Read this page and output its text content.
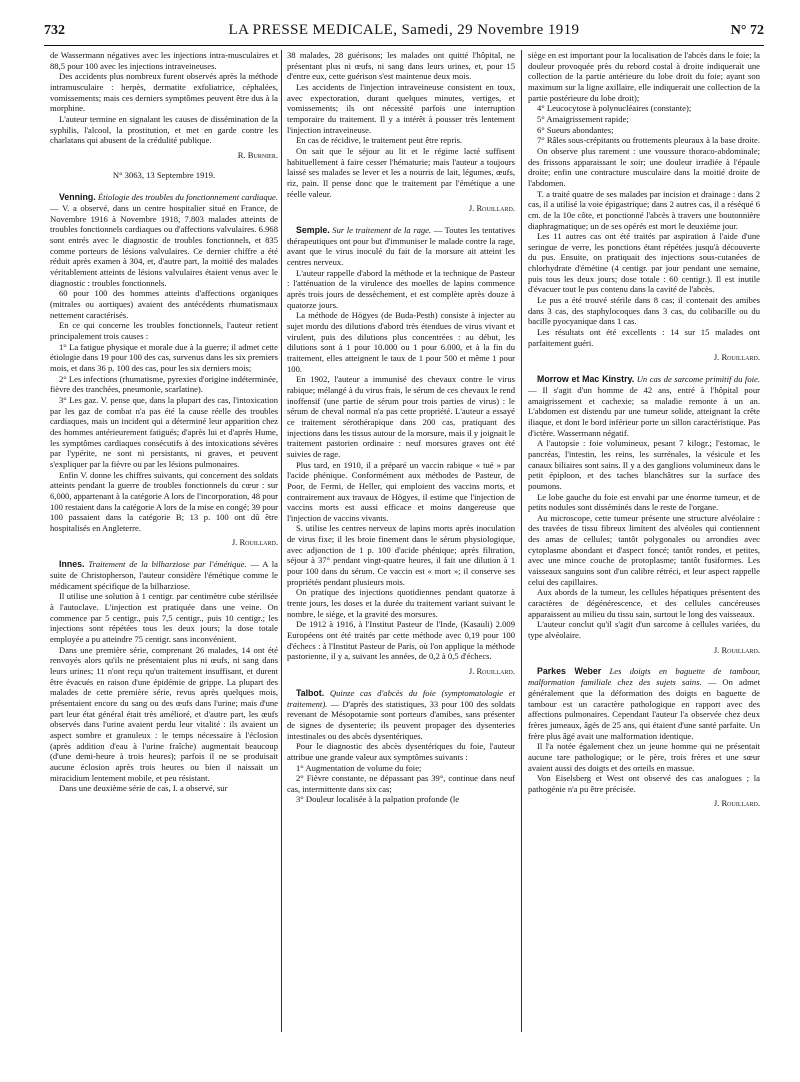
732	LA PRESSE MEDICALE, Samedi, 29 Novembre 1919	N° 72

de Wassermann négatives avec les injections intra-musculaires et 88,5 pour 100 avec les injections intraveineuses.

Des accidents plus nombreux furent observés après la méthode intramusculaire : herpès, dermatite exfoliatrice, céphalées, vomissements; mais ces derniers symptômes peuvent être dus à la morphine.

L'auteur termine en signalant les causes de dissémination de la syphilis, l'alcool, la prostitution, et met en garde contre les charlatans qui abusent de la crédulité publique.

R. Burnier.
N° 3063, 13 Septembre 1919.

Venning. Étiologie des troubles du fonctionnement cardiaque. — V. a observé, dans un centre hospitalier situé en France, de Novembre 1916 à Novembre 1918, 7.803 malades atteints de troubles fonctionnels cardiaques ou d'affections valvulaires. 6.968 sont entrés avec le diagnostic de troubles fonctionnels, et 835 comme porteurs de lésions valvulaires. Ce dernier chiffre a été réduit après examen à 304, et, d'autre part, la moitié des malades véritablement atteints de lésions valvulaires étaient venus avec le diagnostic : troubles fonctionnels.

60 pour 100 des hommes atteints d'affections organiques (mitrales ou aortiques) avaient des antécédents rhumatismaux nettement caractérisés.

En ce qui concerne les troubles fonctionnels, l'auteur retient principalement trois causes :

1° La fatigue physique et morale due à la guerre; il admet cette étiologie dans 19 pour 100 des cas, survenus dans les six premiers mois, et dans 36 p. 100 des cas, pour les six derniers mois;

2° Les infections (rhumatisme, pyrexies d'origine indéterminée, fièvre des tranchées, pneumonie, scarlatine).

3° Les gaz. V. pense que, dans la plupart des cas, l'intoxication par les gaz de combat n'a pas été la cause réelle des troubles cardiaques, mais un incident qui a déterminé leur apparition chez des hommes antérieurement fatigués; d'après lui et d'après Hume, les symptômes cardiaques consécutifs à des intoxications sévères par l'ypérite, ne sont ni persistants, ni graves, et peuvent s'expliquer par la fièvre ou par les lésions pulmonaires.

Enfin V. donne les chiffres suivants, qui concernent des soldats atteints pendant la guerre de troubles fonctionnels du cœur : sur 6,000, appartenant à la catégorie A lors de l'incorporation, 48 pour 100 restaient dans la catégorie A lors de la mise en congé; 39 pour 100 passaient dans la catégorie B; 13 p. 100 ont dû être hospitalisés en Angleterre.

J. Rouillard.

Innes. Traitement de la bilharziose par l'émétique. — A la suite de Christopherson, l'auteur considère l'émétique comme le médicament spécifique de la bilharziose.

Il utilise une solution à 1 centigr. par centimètre cube stérilisée à l'autoclave. L'injection est pratiquée dans une veine. On commence par 5 centigr., puis 7,5 centigr., puis 10 centigr.; les injections sont répétées tous les deux jours; la dose totale employée a pu atteindre 75 centigr. sans inconvénient.

Dans une première série, comprenant 26 malades, 14 ont été renvoyés alors qu'ils ne présentaient plus ni œufs, ni sang dans leurs urines; 11 n'ont reçu qu'un traitement insuffisant, et durent être évacués en raison d'une épidémie de grippe. La plupart des malades de cette première série, revus après quelques mois, présentaient encore du sang ou des œufs dans l'urine; mais d'une part leur état général était très amélioré, et d'autre part, les œufs observés dans l'urine avaient perdu leur vitalité : ils avaient un aspect sombre et granuleux : le temps nécessaire à l'éclosion (après addition d'eau à l'urine fraîche) augmentait beaucoup (d'une demi-heure à trois heures); parfois il ne se produisait aucune éclosion après trois heures ou bien il naissait un miracidium lentement mobile, et peu résistant.

Dans une deuxième série de cas, I. a observé, sur

38 malades, 28 guérisons; les malades ont quitté l'hôpital, ne présentant plus ni œufs, ni sang dans leurs urines, et, pour 15 d'entre eux, cette guérison s'est maintenue deux mois.

Les accidents de l'injection intraveineuse consistent en toux, avec expectoration, durant quelques minutes, vertiges, et vomissements; ils ont nécessité parfois une interruption temporaire du traitement. Il y a intérêt à pousser très lentement l'injection intraveineuse.

En cas de récidive, le traitement peut être repris.

On sait que le séjour au lit et le régime lacté suffisent habituellement à faire cesser l'hématurie; mais l'auteur a toujours laissé ses malades se lever et les a nourris de lait, légumes, œufs, riz, pain. Il pense donc que le traitement par l'émétique a une réelle valeur.

J. Rouillard.

Semple. Sur le traitement de la rage. — Toutes les tentatives thérapeutiques ont pour but d'immuniser le malade contre la rage, avant que le virus inoculé du fait de la morsure ait atteint les centres nerveux.

L'auteur rappelle d'abord la méthode et la technique de Pasteur : l'atténuation de la virulence des moelles de lapins commence après trois jours de dessèchement, et est complète après douze à quatorze jours.

La méthode de Högyes (de Buda-Pesth) consiste à injecter au sujet mordu des dilutions d'abord très étendues de virus vivant et virulent, puis des dilutions plus concentrées : au début, les dilutions sont à 1 pour 10.000 ou 1 pour 6.000, et à la fin du traitement, elles atteignent le taux de 1 pour 500 et même 1 pour 100.

En 1902, l'auteur a immunisé des chevaux contre le virus rabique; mélangé à du virus frais, le sérum de ces chevaux le rend inoffensif (une partie de sérum pour trois parties de virus) : le sérum de cheval normal n'a pas cette propriété. L'auteur a essayé ce traitement sérothérapique dans 200 cas, pratiquant des injections dans les tissus autour de la morsure, mais il y joignait le traitement pastorien ordinaire : neuf morsures graves ont été suivies de rage.

Plus tard, en 1910, il a préparé un vaccin rabique « tué » par l'acide phénique. Conformément aux méthodes de Pasteur, de Poor, de Fermi, de Heller, qui emploient des vaccins morts, et contrairement aux travaux de Högyes, il estime que l'injection de vaccins morts est aussi efficace et moins dangereuse que l'injection de vaccins vivants.

S. utilise les centres nerveux de lapins morts après inoculation de virus fixe; il les broie finement dans le sérum physiologique, avec adjonction de 1 p. 100 d'acide phénique; après filtration, séjour à 37° pendant vingt-quatre heures, il fait une dilution à 1 pour 100 dans du sérum. Ce vaccin est « mort »; il conserve ses propriétés pendant plusieurs mois.

On pratique des injections quotidiennes pendant quatorze à trente jours, les doses et la durée du traitement variant suivant le nombre, le siège, et la gravité des morsures.

De 1912 à 1916, à l'Institut Pasteur de l'Inde, (Kasauli) 2.009 Européens ont été traités par cette méthode avec 0,19 pour 100 d'échecs : à l'Institut Pasteur de Paris, où l'on applique la méthode pastorienne, il y a, suivant les années, de 0,2 à 0,5 d'échecs.

J. Rouillard.

Talbot. Quinze cas d'abcès du foie (symptomatologie et traitement). — D'après des statistiques, 33 pour 100 des soldats revenant de Mésopotamie sont porteurs d'amibes, sans présenter de signes de dysenterie; ils peuvent propager des dysenteries intestinales ou des abcès dysentériques.

Pour le diagnostic des abcès dysentériques du foie, l'auteur attribue une grande valeur aux symptômes suivants :

1° Augmentation de volume du foie;

2° Fièvre constante, ne dépassant pas 39°, continue dans neuf cas, intermittente dans six cas;

3° Douleur localisée à la palpation profonde (le

siège en est important pour la localisation de l'abcès dans le foie; la douleur provoquée près du rebord costal à droite indiquerait une collection de la partie antérieure du lobe droit du foie; ayant son maximum sur la ligne axillaire, elle indiquerait une collection de la partie postérieure du lobe droit);

4° Leucocytose à polynucléaires (constante);

5° Amaigrissement rapide;

6° Sueurs abondantes;

7° Râles sous-crépitants ou frottements pleuraux à la base droite.

On observe plus rarement : une voussure thoraco-abdominale; des frissons apparaissant le soir; une douleur irradiée à l'épaule droite; enfin une contracture musculaire dans la moitié droite de l'abdomen.

T. a traité quatre de ses malades par incision et drainage : dans 2 cas, il a utilisé la voie épigastrique; dans 2 autres cas, il a réséqué 6 cm. de la 10e côte, et ponctionné l'abcès à travers une boutonnière diaphragmatique; un de ses opérés est mort le deuxième jour.

Les 11 autres cas ont été traités par aspiration à l'aide d'une seringue de verre, les ponctions étant répétées jusqu'à découverte du pus. Ensuite, on pratiquait des injections sous-cutanées de chlorhydrate d'émétine (4 centigr. par jour pendant une semaine, puis tous les deux jours; dose totale : 60 centigr.). Il est inutile d'évacuer tout le pus contenu dans la cavité de l'abcès.

Le pus a été trouvé stérile dans 8 cas; il contenait des amibes dans 3 cas, des staphylocoques dans 3 cas, du colibacille ou du bacille pyocyanique dans 1 cas.

Les résultats ont été excellents : 14 sur 15 malades ont parfaitement guéri.

J. Rouillard.

Morrow et Mac Kinstry. Un cas de sarcome primitif du foie. — Il s'agit d'un homme de 42 ans, entré à l'hôpital pour amaigrissement et cachexie; sa maladie remonte à un an. L'abdomen est distendu par une tumeur solide, atteignant la crête iliaque, et dont le bord inférieur porte un sillon caractéristique. Pas d'ictère. Wassermann négatif.

A l'autopsie : foie volumineux, pesant 7 kilogr.; l'estomac, le pancréas, l'intestin, les reins, les surrénales, la vésicule et les canaux biliaires sont sains. Il y a des ganglions volumineux dans le petit épiploon, et des taches blanchâtres sur la surface des poumons.

Le lobe gauche du foie est envahi par une énorme tumeur, et de petits nodules sont disséminés dans le reste de l'organe.

Au microscope, cette tumeur présente une structure alvéolaire : des travées de tissu fibreux limitent des alvéoles qui contiennent des amas de cellules; tantôt polygonales ou arrondies avec cytoplasme abondant et d'aspect foncé; tantôt rondes, et petites, avec une mince couche de protoplasme; tantôt fusiformes. Les vaisseaux sanguins sont d'un calibre rétréci, et leur aspect rappelle celui des capillaires.

Aux abords de la tumeur, les cellules hépatiques présentent des caractères de dégénérescence, et des cellules cancéreuses apparaissent au milieu du tissu sain, surtout le long des vaisseaux.

L'auteur conclut qu'il s'agit d'un sarcome à cellules variées, du type alvéolaire.

J. Rouillard.

Parkes Weber Les doigts en baguette de tambour, malformation familiale chez des sujets sains. — On admet généralement que la déformation des doigts en baguette de tambour est un caractère pathologique en rapport avec des affections pulmonaires. Cependant l'auteur l'a observée chez deux frères jumeaux, âgés de 25 ans, qui étaient d'une santé parfaite. Un frère plus âgé avait une malformation identique.

Il l'a notée également chez un jeune homme qui ne présentait aucune tare pathologique; or le père, trois frères et une sœur avaient aussi des doigts et des orteils en massue.

Von Eiselsberg et West ont observé des cas analogues ; la pathogénie n'a pu être précisée.

J. Rouillard.
